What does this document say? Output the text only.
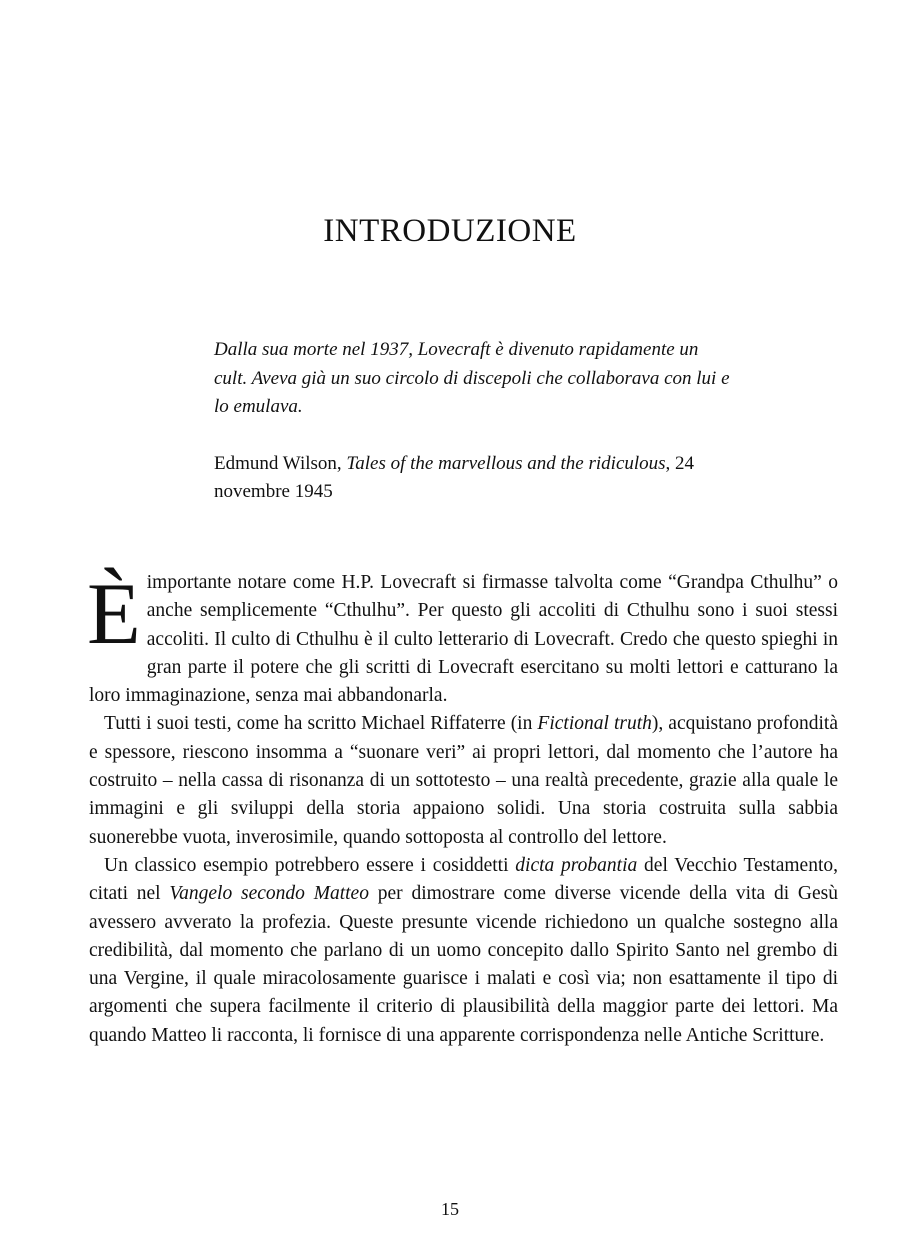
INTRODUZIONE

Dalla sua morte nel 1937, Lovecraft è divenuto rapidamente un cult. Aveva già un suo circolo di discepoli che collaborava con lui e lo emulava.

Edmund Wilson, Tales of the marvellous and the ridiculous, 24 novembre 1945

È importante notare come H.P. Lovecraft si firmasse talvolta come “Grandpa Cthulhu” o anche semplicemente “Cthulhu”. Per questo gli accoliti di Cthulhu sono i suoi stessi accoliti. Il culto di Cthulhu è il culto letterario di Lovecraft. Credo che questo spieghi in gran parte il potere che gli scritti di Lovecraft esercitano su molti lettori e catturano la loro immaginazione, senza mai abbandonarla.

Tutti i suoi testi, come ha scritto Michael Riffaterre (in Fictional truth), acquistano profondità e spessore, riescono insomma a “suonare veri” ai propri lettori, dal momento che l’autore ha costruito – nella cassa di risonanza di un sottotesto – una realtà precedente, grazie alla quale le immagini e gli sviluppi della storia appaiono solidi. Una storia costruita sulla sabbia suonerebbe vuota, inverosimile, quando sottoposta al controllo del lettore.

Un classico esempio potrebbero essere i cosiddetti dicta probantia del Vecchio Testamento, citati nel Vangelo secondo Matteo per dimostrare come diverse vicende della vita di Gesù avessero avverato la profezia. Queste presunte vicende richiedono un qualche sostegno alla credibilità, dal momento che parlano di un uomo concepito dallo Spirito Santo nel grembo di una Vergine, il quale miracolosamente guarisce i malati e così via; non esattamente il tipo di argomenti che supera facilmente il criterio di plausibilità della maggior parte dei lettori. Ma quando Matteo li racconta, li fornisce di una apparente corrispondenza nelle Antiche Scritture.

15
